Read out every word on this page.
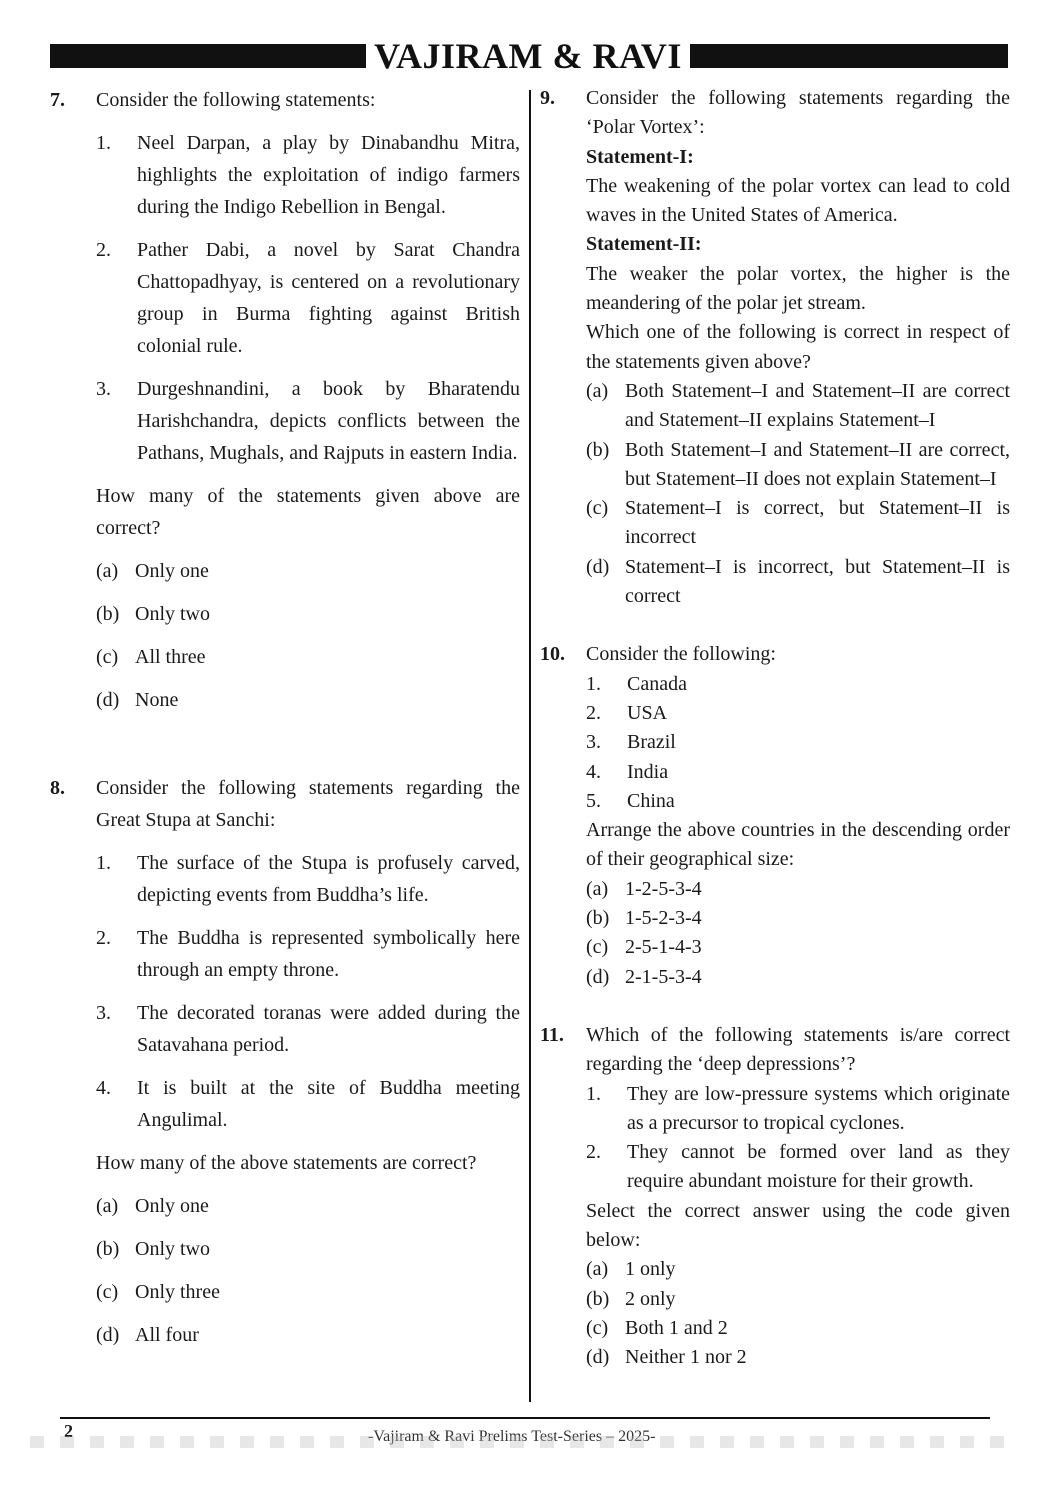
VAJIRAM & RAVI
7. Consider the following statements:

1. Neel Darpan, a play by Dinabandhu Mitra, highlights the exploitation of indigo farmers during the Indigo Rebellion in Bengal.
2. Pather Dabi, a novel by Sarat Chandra Chattopadhyay, is centered on a revolutionary group in Burma fighting against British colonial rule.
3. Durgeshnandini, a book by Bharatendu Harishchandra, depicts conflicts between the Pathans, Mughals, and Rajputs in eastern India.

How many of the statements given above are correct?

(a) Only one
(b) Only two
(c) All three
(d) None
8. Consider the following statements regarding the Great Stupa at Sanchi:

1. The surface of the Stupa is profusely carved, depicting events from Buddha’s life.
2. The Buddha is represented symbolically here through an empty throne.
3. The decorated toranas were added during the Satavahana period.
4. It is built at the site of Buddha meeting Angulimal.

How many of the above statements are correct?

(a) Only one
(b) Only two
(c) Only three
(d) All four
9. Consider the following statements regarding the ‘Polar Vortex’:

Statement-I:

The weakening of the polar vortex can lead to cold waves in the United States of America.

Statement-II:

The weaker the polar vortex, the higher is the meandering of the polar jet stream.

Which one of the following is correct in respect of the statements given above?

(a) Both Statement–I and Statement–II are correct and Statement–II explains Statement–I
(b) Both Statement–I and Statement–II are correct, but Statement–II does not explain Statement–I
(c) Statement–I is correct, but Statement–II is incorrect
(d) Statement–I is incorrect, but Statement–II is correct
10. Consider the following:

1. Canada
2. USA
3. Brazil
4. India
5. China

Arrange the above countries in the descending order of their geographical size:

(a) 1-2-5-3-4
(b) 1-5-2-3-4
(c) 2-5-1-4-3
(d) 2-1-5-3-4
11. Which of the following statements is/are correct regarding the ‘deep depressions’?

1. They are low-pressure systems which originate as a precursor to tropical cyclones.
2. They cannot be formed over land as they require abundant moisture for their growth.

Select the correct answer using the code given below:

(a) 1 only
(b) 2 only
(c) Both 1 and 2
(d) Neither 1 nor 2
2	-Vajiram & Ravi Prelims Test-Series – 2025-
